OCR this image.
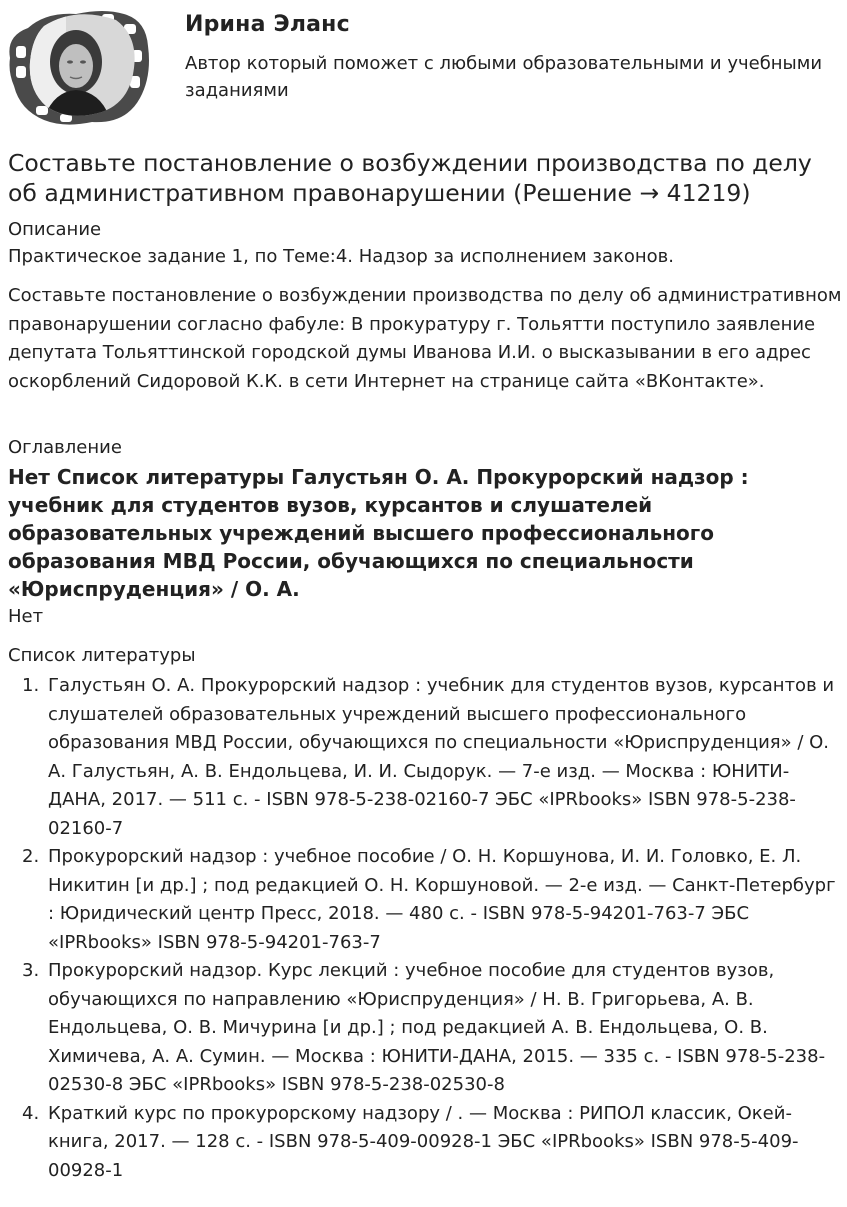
Ирина Эланс
Автор который поможет с любыми образовательными и учебными заданиями
Составьте постановление о возбуждении производства по делу об административном правонарушении (Решение → 41219)
Описание

Практическое задание 1, по Теме:4. Надзор за исполнением законов.

Составьте постановление о возбуждении производства по делу об административном правонарушении согласно фабуле: В прокуратуру г. Тольятти поступило заявление депутата Тольяттинской городской думы Иванова И.И. о высказывании в его адрес оскорблений Сидоровой К.К. в сети Интернет на странице сайта «ВКонтакте».

Оглавление

Нет Список литературы Галустьян О. А. Прокурорский надзор : учебник для студентов вузов, курсантов и слушателей образовательных учреждений высшего профессионального образования МВД России, обучающихся по специальности «Юриспруденция» / О. А.

Нет

Список литературы
1. Галустьян О. А. Прокурорский надзор : учебник для студентов вузов, курсантов и слушателей образовательных учреждений высшего профессионального образования МВД России, обучающихся по специальности «Юриспруденция» / О. А. Галустьян, А. В. Ендольцева, И. И. Сыдорук. — 7-е изд. — Москва : ЮНИТИ-ДАНА, 2017. — 511 с. - ISBN 978-5-238-02160-7 ЭБС «IPRbooks» ISBN 978-5-238-02160-7
2. Прокурорский надзор : учебное пособие / О. Н. Коршунова, И. И. Головко, Е. Л. Никитин [и др.] ; под редакцией О. Н. Коршуновой. — 2-е изд. — Санкт-Петербург : Юридический центр Пресс, 2018. — 480 с. - ISBN 978-5-94201-763-7 ЭБС «IPRbooks» ISBN 978-5-94201-763-7
3. Прокурорский надзор. Курс лекций : учебное пособие для студентов вузов, обучающихся по направлению «Юриспруденция» / Н. В. Григорьева, А. В. Ендольцева, О. В. Мичурина [и др.] ; под редакцией А. В. Ендольцева, О. В. Химичева, А. А. Сумин. — Москва : ЮНИТИ-ДАНА, 2015. — 335 с. - ISBN 978-5-238-02530-8 ЭБС «IPRbooks» ISBN 978-5-238-02530-8
4. Краткий курс по прокурорскому надзору / . — Москва : РИПОЛ классик, Окей-книга, 2017. — 128 с. - ISBN 978-5-409-00928-1 ЭБС «IPRbooks» ISBN 978-5-409-00928-1
